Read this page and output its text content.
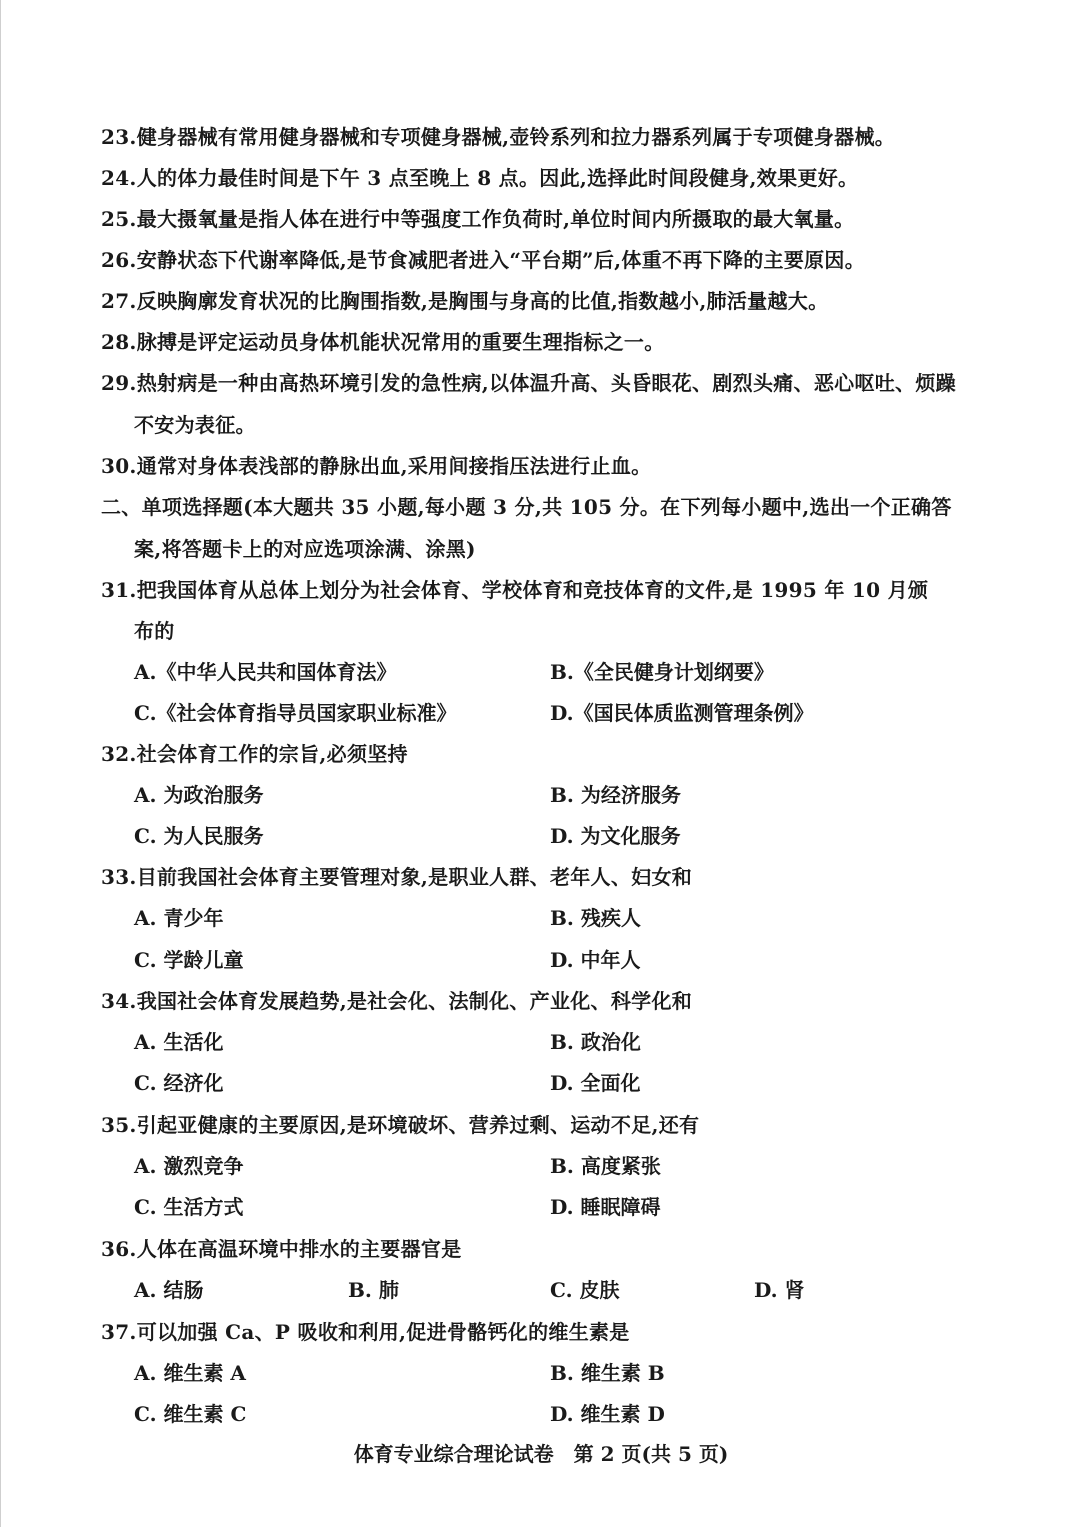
23.健身器械有常用健身器械和专项健身器械,壶铃系列和拉力器系列属于专项健身器械。
24.人的体力最佳时间是下午 3 点至晚上 8 点。因此,选择此时间段健身,效果更好。
25.最大摄氧量是指人体在进行中等强度工作负荷时,单位时间内所摄取的最大氧量。
26.安静状态下代谢率降低,是节食减肥者进入“平台期”后,体重不再下降的主要原因。
27.反映胸廓发育状况的比胸围指数,是胸围与身高的比值,指数越小,肺活量越大。
28.脉搏是评定运动员身体机能状况常用的重要生理指标之一。
29.热射病是一种由高热环境引发的急性病,以体温升高、头昏眼花、剧烈头痛、恶心呕吐、烦躁
不安为表征。
30.通常对身体表浅部的静脉出血,采用间接指压法进行止血。
二、单项选择题(本大题共 35 小题,每小题 3 分,共 105 分。在下列每小题中,选出一个正确答
案,将答题卡上的对应选项涂满、涂黑)
31.把我国体育从总体上划分为社会体育、学校体育和竞技体育的文件,是 1995 年 10 月颁
布的
A.《中华人民共和国体育法》	B.《全民健身计划纲要》
C.《社会体育指导员国家职业标准》	D.《国民体质监测管理条例》
32.社会体育工作的宗旨,必须坚持
A. 为政治服务	B. 为经济服务
C. 为人民服务	D. 为文化服务
33.目前我国社会体育主要管理对象,是职业人群、老年人、妇女和
A. 青少年	B. 残疾人
C. 学龄儿童	D. 中年人
34.我国社会体育发展趋势,是社会化、法制化、产业化、科学化和
A. 生活化	B. 政治化
C. 经济化	D. 全面化
35.引起亚健康的主要原因,是环境破坏、营养过剩、运动不足,还有
A. 激烈竞争	B. 高度紧张
C. 生活方式	D. 睡眠障碍
36.人体在高温环境中排水的主要器官是
A. 结肠	B. 肺	C. 皮肤	D. 肾
37.可以加强 Ca、P 吸收和利用,促进骨骼钙化的维生素是
A. 维生素 A	B. 维生素 B
C. 维生素 C	D. 维生素 D
体育专业综合理论试卷　第 2 页(共 5 页)
